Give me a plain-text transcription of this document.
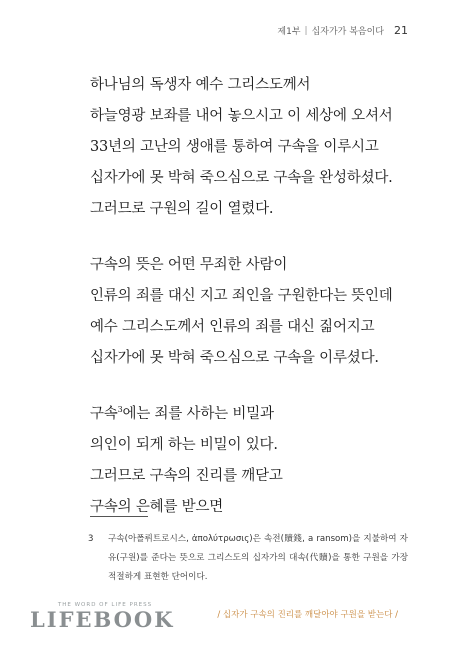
제1부 | 십자가가 복음이다 21
하나님의 독생자 예수 그리스도께서
하늘영광 보좌를 내어 놓으시고 이 세상에 오셔서
33년의 고난의 생애를 통하여 구속을 이루시고
십자가에 못 박혀 죽으심으로 구속을 완성하셨다.
그러므로 구원의 길이 열렸다.
구속의 뜻은 어떤 무죄한 사람이
인류의 죄를 대신 지고 죄인을 구원한다는 뜻인데
예수 그리스도께서 인류의 죄를 대신 짊어지고
십자가에 못 박혀 죽으심으로 구속을 이루셨다.
구속$^3$에는 죄를 사하는 비밀과
의인이 되게 하는 비밀이 있다.
그러므로 구속의 진리를 깨닫고
구속의 은혜를 받으면
3	구속(아폴뤼트로시스, ἀπολύτρωσις)은 속전(贖錢, a ransom)을 지불하여 자유(구원)를 준다는 뜻으로 그리스도의 십자가의 대속(代贖)을 통한 구원을 가장 적절하게 표현한 단어이다.
THE WORD OF LIFE PRESS
LIFEBOOK	/ 십자가 구속의 진리를 깨달아야 구원을 받는다 /
